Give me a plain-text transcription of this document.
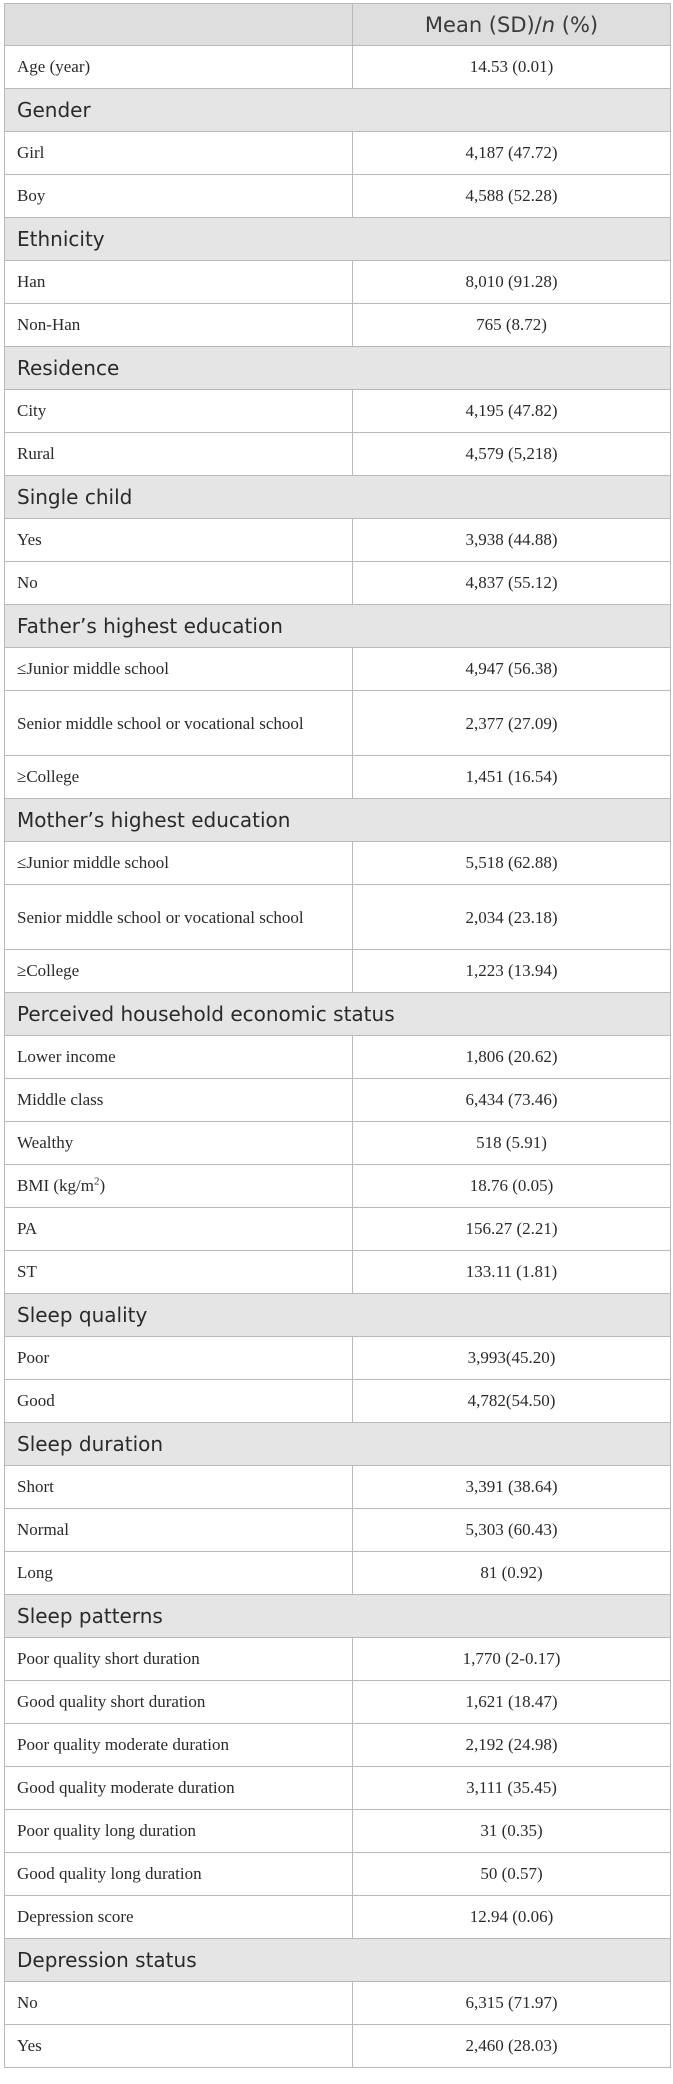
	Mean (SD)/n (%)
Age (year)	14.53 (0.01)
Gender	
Girl	4,187 (47.72)
Boy	4,588 (52.28)
Ethnicity	
Han	8,010 (91.28)
Non-Han	765 (8.72)
Residence	
City	4,195 (47.82)
Rural	4,579 (5,218)
Single child	
Yes	3,938 (44.88)
No	4,837 (55.12)
Father’s highest education	
≤Junior middle school	4,947 (56.38)
Senior middle school or vocational school	2,377 (27.09)
≥College	1,451 (16.54)
Mother’s highest education	
≤Junior middle school	5,518 (62.88)
Senior middle school or vocational school	2,034 (23.18)
≥College	1,223 (13.94)
Perceived household economic status	
Lower income	1,806 (20.62)
Middle class	6,434 (73.46)
Wealthy	518 (5.91)
BMI $(kg/m^2)$	18.76 (0.05)
PA	156.27 (2.21)
ST	133.11 (1.81)
Sleep quality	
Poor	3,993(45.20)
Good	4,782(54.50)
Sleep duration	
Short	3,391 (38.64)
Normal	5,303 (60.43)
Long	81 (0.92)
Sleep patterns	
Poor quality short duration	1,770 (2-0.17)
Good quality short duration	1,621 (18.47)
Poor quality moderate duration	2,192 (24.98)
Good quality moderate duration	3,111 (35.45)
Poor quality long duration	31 (0.35)
Good quality long duration	50 (0.57)
Depression score	12.94 (0.06)
Depression status	
No	6,315 (71.97)
Yes	2,460 (28.03)
